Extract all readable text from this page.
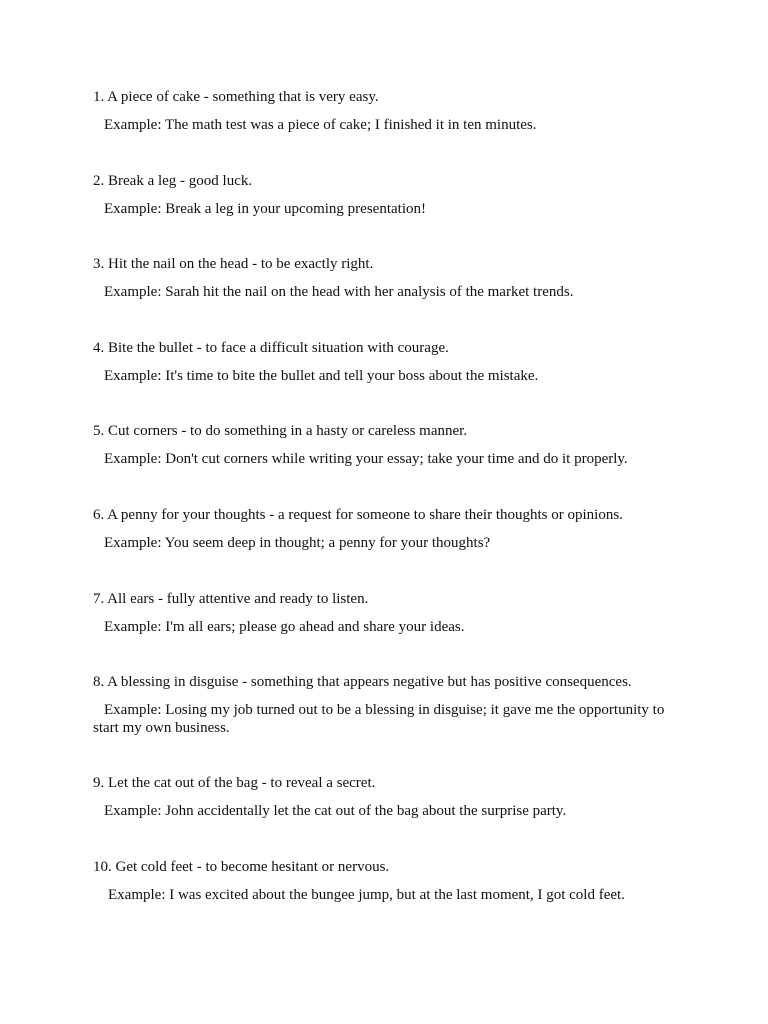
1. A piece of cake - something that is very easy.

Example: The math test was a piece of cake; I finished it in ten minutes.

2. Break a leg - good luck.

Example: Break a leg in your upcoming presentation!

3. Hit the nail on the head - to be exactly right.

Example: Sarah hit the nail on the head with her analysis of the market trends.

4. Bite the bullet - to face a difficult situation with courage.

Example: It's time to bite the bullet and tell your boss about the mistake.

5. Cut corners - to do something in a hasty or careless manner.

Example: Don't cut corners while writing your essay; take your time and do it properly.

6. A penny for your thoughts - a request for someone to share their thoughts or opinions.

Example: You seem deep in thought; a penny for your thoughts?

7. All ears - fully attentive and ready to listen.

Example: I'm all ears; please go ahead and share your ideas.

8. A blessing in disguise - something that appears negative but has positive consequences.

Example: Losing my job turned out to be a blessing in disguise; it gave me the opportunity to start my own business.

9. Let the cat out of the bag - to reveal a secret.

Example: John accidentally let the cat out of the bag about the surprise party.

10. Get cold feet - to become hesitant or nervous.

Example: I was excited about the bungee jump, but at the last moment, I got cold feet.
